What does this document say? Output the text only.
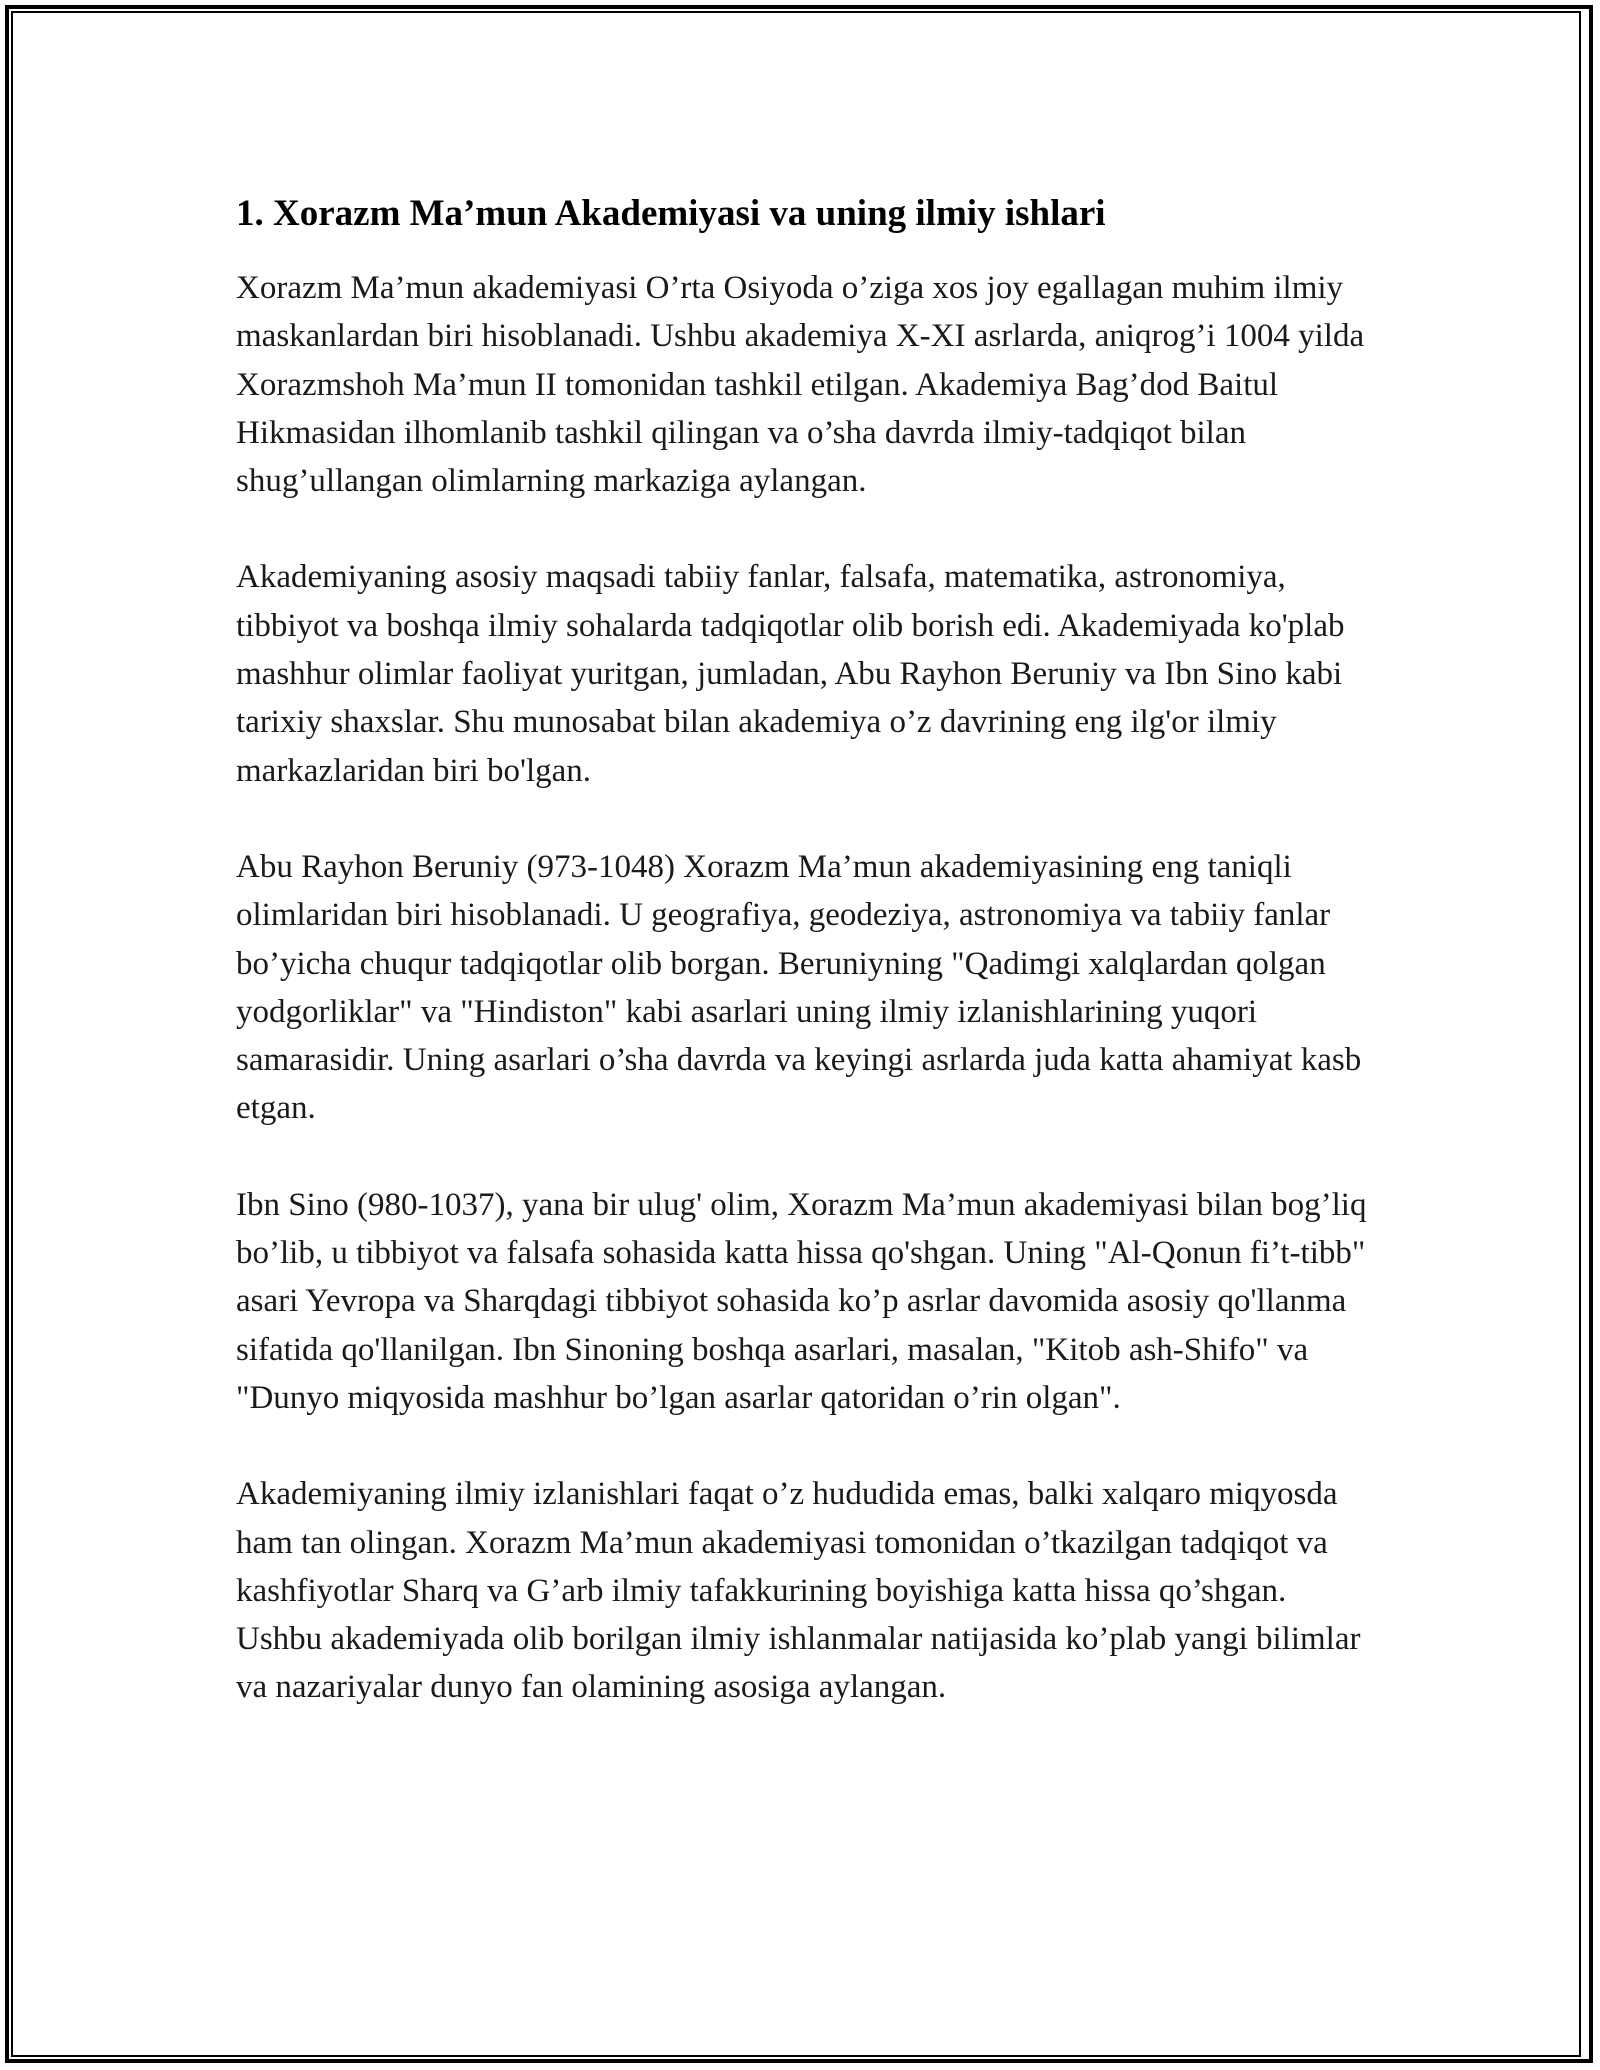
1. Xorazm Ma’mun Akademiyasi va uning ilmiy ishlari

Xorazm Ma’mun akademiyasi O’rta Osiyoda o’ziga xos joy egallagan muhim ilmiy maskanlardan biri hisoblanadi. Ushbu akademiya X-XI asrlarda, aniqrog’i 1004 yilda Xorazmshoh Ma’mun II tomonidan tashkil etilgan. Akademiya Bag’dod Baitul Hikmasidan ilhomlanib tashkil qilingan va o’sha davrda ilmiy-tadqiqot bilan shug’ullangan olimlarning markaziga aylangan.

Akademiyaning asosiy maqsadi tabiiy fanlar, falsafa, matematika, astronomiya, tibbiyot va boshqa ilmiy sohalarda tadqiqotlar olib borish edi. Akademiyada ko'plab mashhur olimlar faoliyat yuritgan, jumladan, Abu Rayhon Beruniy va Ibn Sino kabi tarixiy shaxslar. Shu munosabat bilan akademiya o’z davrining eng ilg'or ilmiy markazlaridan biri bo'lgan.

Abu Rayhon Beruniy (973-1048) Xorazm Ma’mun akademiyasining eng taniqli olimlaridan biri hisoblanadi. U geografiya, geodeziya, astronomiya va tabiiy fanlar bo’yicha chuqur tadqiqotlar olib borgan. Beruniyning "Qadimgi xalqlardan qolgan yodgorliklar" va "Hindiston" kabi asarlari uning ilmiy izlanishlarining yuqori samarasidir. Uning asarlari o’sha davrda va keyingi asrlarda juda katta ahamiyat kasb etgan.

Ibn Sino (980-1037), yana bir ulug' olim, Xorazm Ma’mun akademiyasi bilan bog’liq bo’lib, u tibbiyot va falsafa sohasida katta hissa qo'shgan. Uning "Al-Qonun fi’t-tibb" asari Yevropa va Sharqdagi tibbiyot sohasida ko’p asrlar davomida asosiy qo'llanma sifatida qo'llanilgan. Ibn Sinoning boshqa asarlari, masalan, "Kitob ash-Shifo" va "Dunyo miqyosida mashhur bo’lgan asarlar qatoridan o’rin olgan".

Akademiyaning ilmiy izlanishlari faqat o’z hududida emas, balki xalqaro miqyosda ham tan olingan. Xorazm Ma’mun akademiyasi tomonidan o’tkazilgan tadqiqot va kashfiyotlar Sharq va G’arb ilmiy tafakkurining boyishiga katta hissa qo’shgan. Ushbu akademiyada olib borilgan ilmiy ishlanmalar natijasida ko’plab yangi bilimlar va nazariyalar dunyo fan olamining asosiga aylangan.
